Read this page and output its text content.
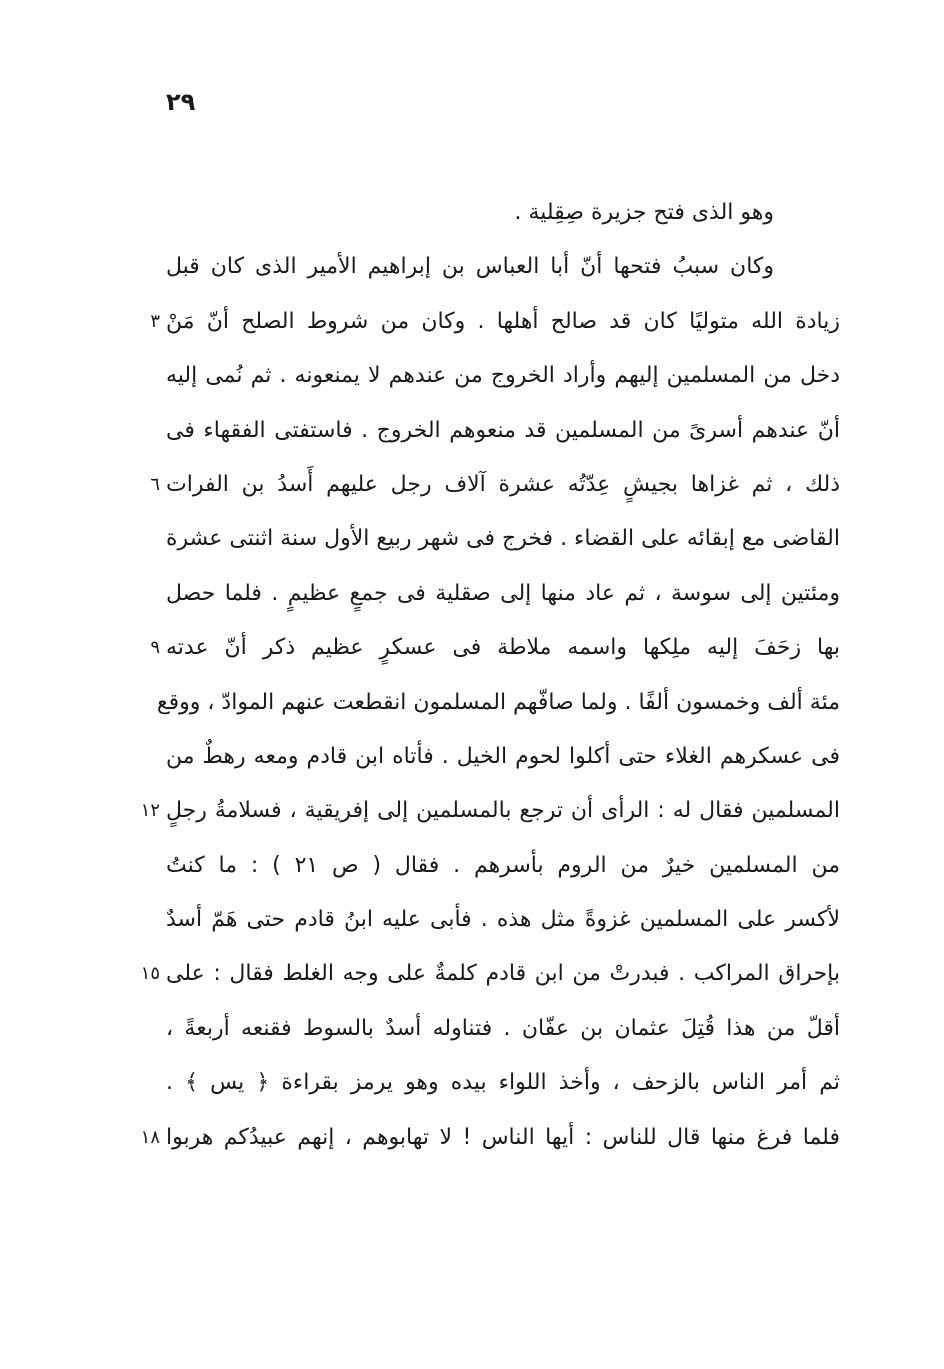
٢٩
وهو الذى فتح جزيرة صِقِلية .
وكان سببُ فتحها أنّ أبا العباس بن إبراهيم الأمير الذى كان قبل
زيادة الله متوليًا كان قد صالح أهلها . وكان من شروط الصلح أنّ مَنْ
٣
دخل من المسلمين إليهم وأراد الخروج من عندهم لا يمنعونه . ثم نُمى إليه
أنّ عندهم أسرىً من المسلمين قد منعوهم الخروج . فاستفتى الفقهاء فى
ذلك ، ثم غزاها بجيشٍ عِدّتُه عشرة آلاف رجل عليهم أَسدُ بن الفرات
٦
القاضى مع إبقائه على القضاء . فخرج فى شهر ربيع الأول سنة اثنتى عشرة
ومئتين إلى سوسة ، ثم عاد منها إلى صقلية فى جمعٍ عظيمٍ . فلما حصل
بها زحَفَ إليه ملِكها واسمه ملاطة فى عسكرٍ عظيم ذكر أنّ عدته
٩
مئة ألف وخمسون ألفًا . ولما صافّهم المسلمون انقطعت عنهم الموادّ ، ووقع
فى عسكرهم الغلاء حتى أكلوا لحوم الخيل . فأتاه ابن قادم ومعه رهطٌ من
المسلمين فقال له : الرأى أن ترجع بالمسلمين إلى إفريقية ، فسلامةُ رجلٍ
١٢
من المسلمين خيرٌ من الروم بأسرهم . فقال ( ص ٢١ ) : ما كنتُ
لأكسر على المسلمين غزوةً مثل هذه . فأبى عليه ابنُ قادم حتى هَمّ أسدٌ
بإحراق المراكب . فبدرتْ من ابن قادم كلمةٌ على وجه الغلط فقال : على
١٥
أقلّ من هذا قُتِلَ عثمان بن عفّان . فتناوله أسدٌ بالسوط فقنعه أربعةً ،
ثم أمر الناس بالزحف ، وأخذ اللواء بيده وهو يرمز بقراءة ﴿ يس ﴾ .
فلما فرغ منها قال للناس : أيها الناس ! لا تهابوهم ، إنهم عبيدُكم هربوا
١٨
